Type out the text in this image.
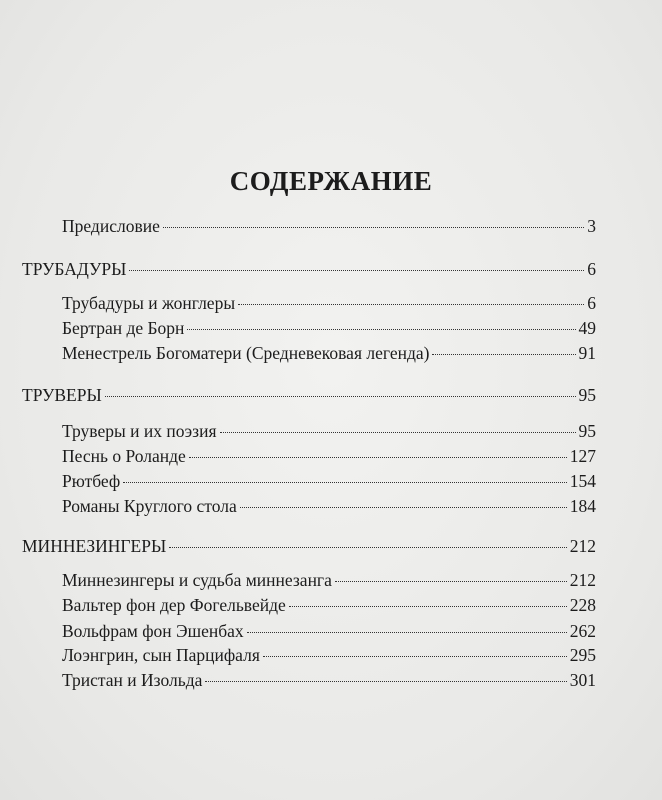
СОДЕРЖАНИЕ
Предисловие	3
ТРУБАДУРЫ	6
Трубадуры и жонглеры	6
Бертран де Борн	49
Менестрель Богоматери (Средневековая легенда)	91
ТРУВЕРЫ	95
Труверы и их поэзия	95
Песнь о Роланде	127
Рютбеф	154
Романы Круглого стола	184
МИННЕЗИНГЕРЫ	212
Миннезингеры и судьба миннезанга	212
Вальтер фон дер Фогельвейде	228
Вольфрам фон Эшенбах	262
Лоэнгрин, сын Парцифаля	295
Тристан и Изольда	301
